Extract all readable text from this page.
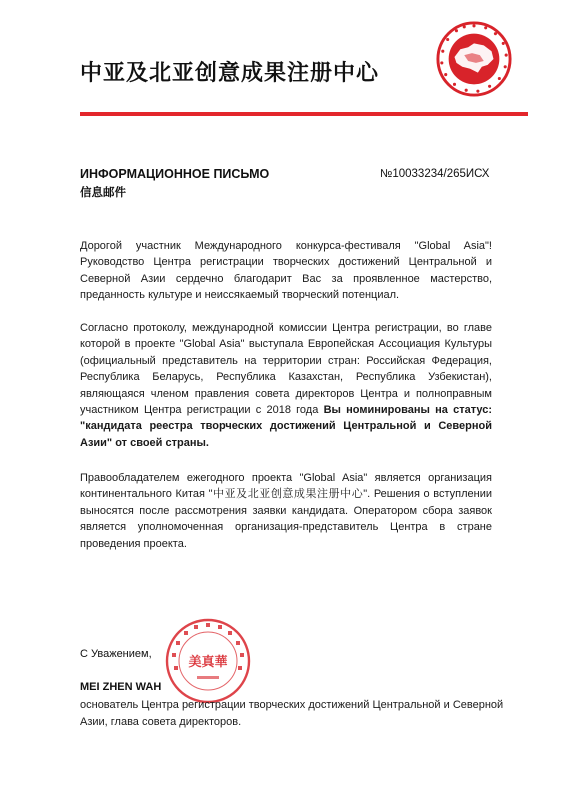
中亚及北亚创意成果注册中心
ИНФОРМАЦИОННОЕ ПИСЬМО
信息邮件
№10033234/265ИСХ
Дорогой участник Международного конкурса-фестиваля "Global Asia"! Руководство Центра регистрации творческих достижений Центральной и Северной Азии сердечно благодарит Вас за проявленное мастерство, преданность культуре и неиссякаемый творческий потенциал.
Согласно протоколу, международной комиссии Центра регистрации, во главе которой в проекте "Global Asia" выступала Европейская Ассоциация Культуры (официальный представитель на территории стран: Российская Федерация, Республика Беларусь, Республика Казахстан, Республика Узбекистан), являющаяся членом правления совета директоров Центра и полноправным участником Центра регистрации с 2018 года Вы номинированы на статус: "кандидата реестра творческих достижений Центральной и Северной Азии" от своей страны.
Правообладателем ежегодного проекта "Global Asia" является организация континентального Китая "中亚及北亚创意成果注册中心". Решения о вступлении выносятся после рассмотрения заявки кандидата. Оператором сбора заявок является уполномоченная организация-представитель Центра в стране проведения проекта.
С Уважением,
美真華
MEI ZHEN WAH
основатель Центра регистрации творческих достижений Центральной и Северной Азии, глава совета директоров.
